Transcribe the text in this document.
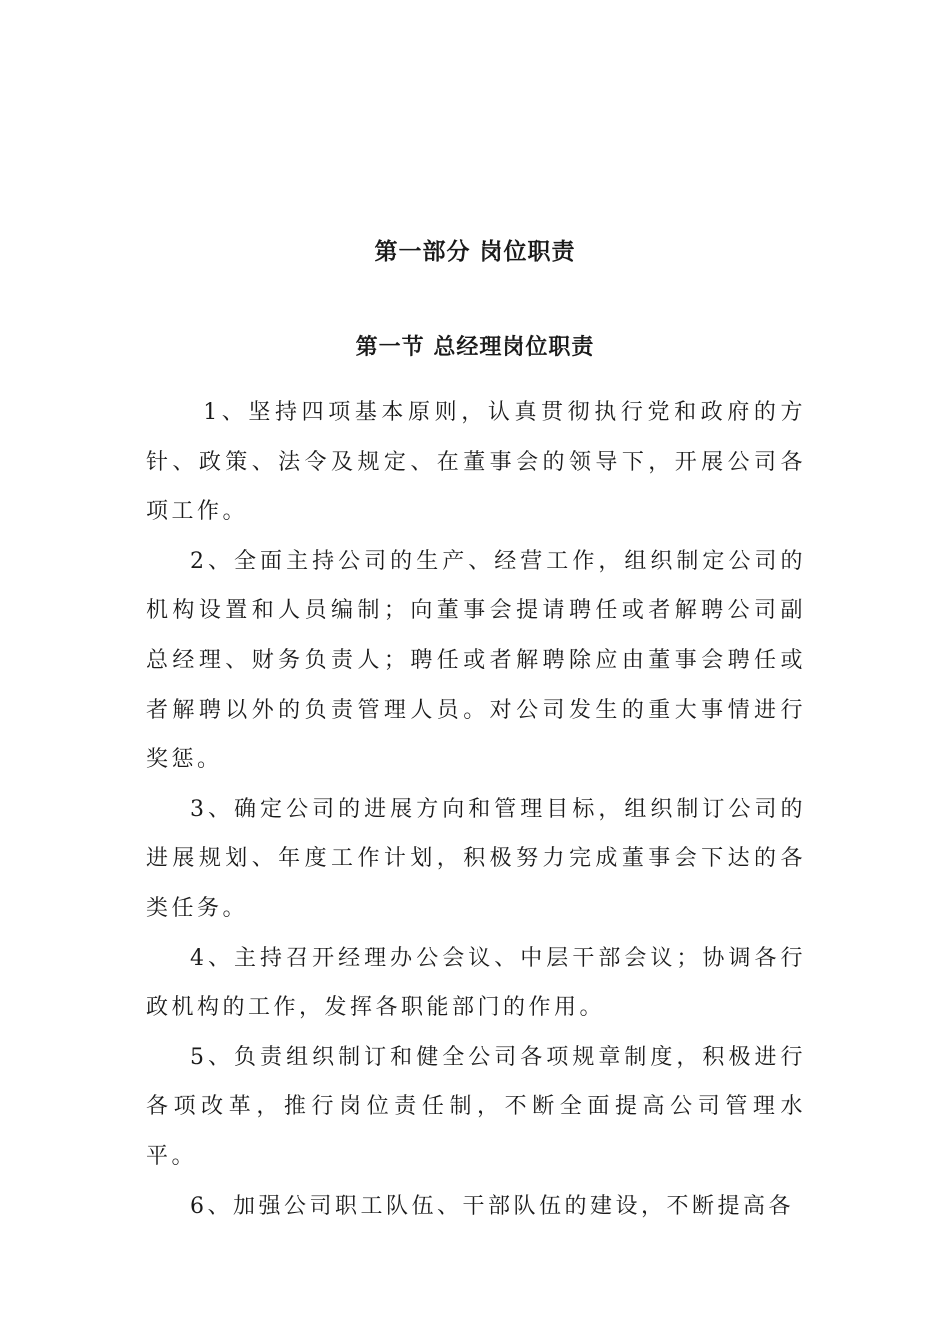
第一部分 岗位职责
第一节 总经理岗位职责

1、坚持四项基本原则，认真贯彻执行党和政府的方针、政策、法令及规定、在董事会的领导下，开展公司各项工作。

2、全面主持公司的生产、经营工作，组织制定公司的机构设置和人员编制；向董事会提请聘任或者解聘公司副总经理、财务负责人；聘任或者解聘除应由董事会聘任或者解聘以外的负责管理人员。对公司发生的重大事情进行奖惩。

3、确定公司的进展方向和管理目标，组织制订公司的进展规划、年度工作计划，积极努力完成董事会下达的各类任务。

4、主持召开经理办公会议、中层干部会议；协调各行政机构的工作，发挥各职能部门的作用。

5、负责组织制订和健全公司各项规章制度，积极进行各项改革，推行岗位责任制，不断全面提高公司管理水平。

6、加强公司职工队伍、干部队伍的建设，不断提高各
